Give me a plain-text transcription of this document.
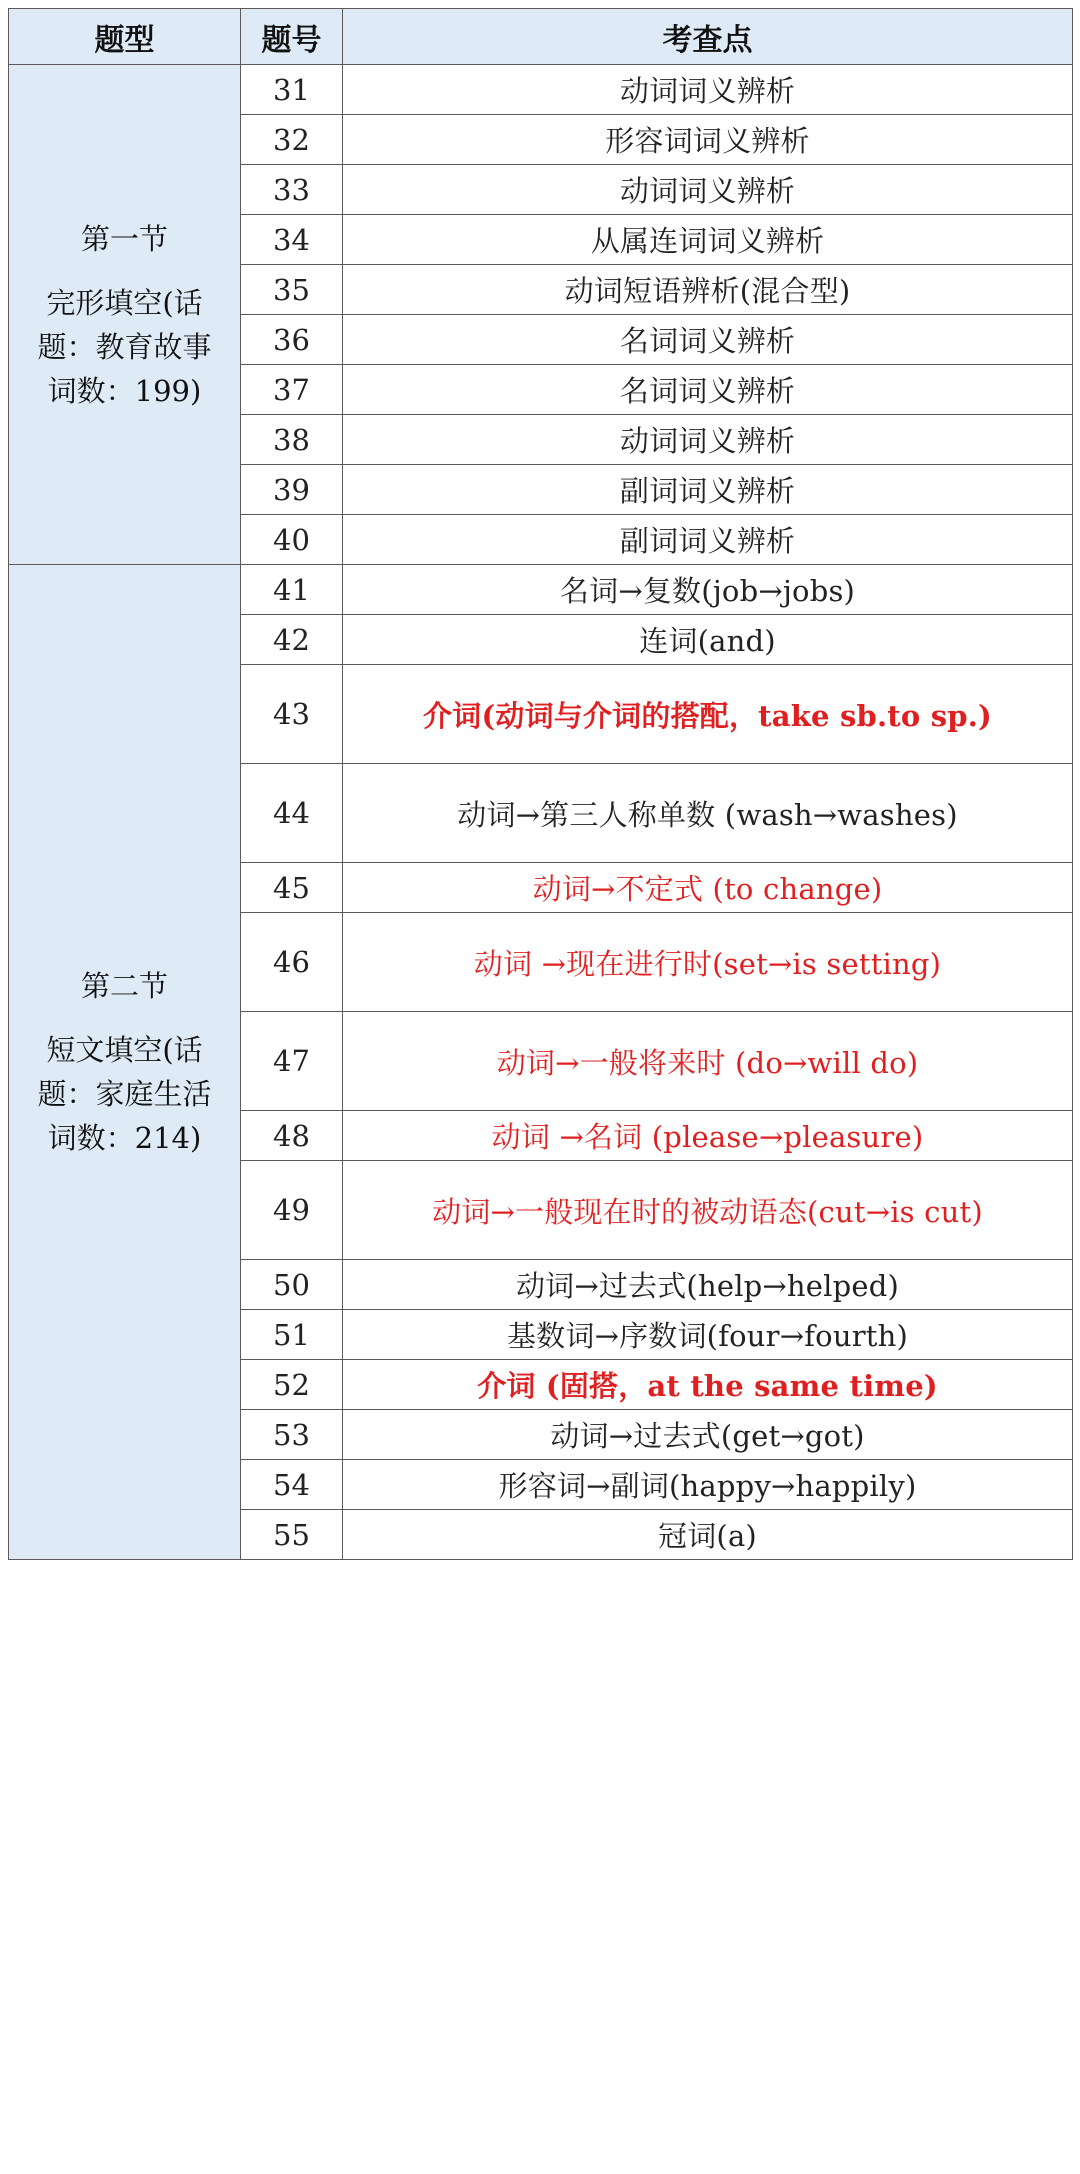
题型	题号	考查点

第一节
完形填空(话题：教育故事词数：199)	31	动词词义辨析
	32	形容词词义辨析
	33	动词词义辨析
	34	从属连词词义辨析
	35	动词短语辨析(混合型)
	36	名词词义辨析
	37	名词词义辨析
	38	动词词义辨析
	39	副词词义辨析
	40	副词词义辨析

第二节
短文填空(话题：家庭生活词数：214)	41	名词→复数(job→jobs)
	42	连词(and)
	43	介词(动词与介词的搭配，take sb.to sp.)
	44	动词→第三人称单数 (wash→washes)
	45	动词→不定式 (to change)
	46	动词 →现在进行时(set→is setting)
	47	动词→一般将来时 (do→will do)
	48	动词 →名词 (please→pleasure)
	49	动词→一般现在时的被动语态(cut→is cut)
	50	动词→过去式(help→helped)
	51	基数词→序数词(four→fourth)
	52	介词 (固搭，at the same time)
	53	动词→过去式(get→got)
	54	形容词→副词(happy→happily)
	55	冠词(a)
